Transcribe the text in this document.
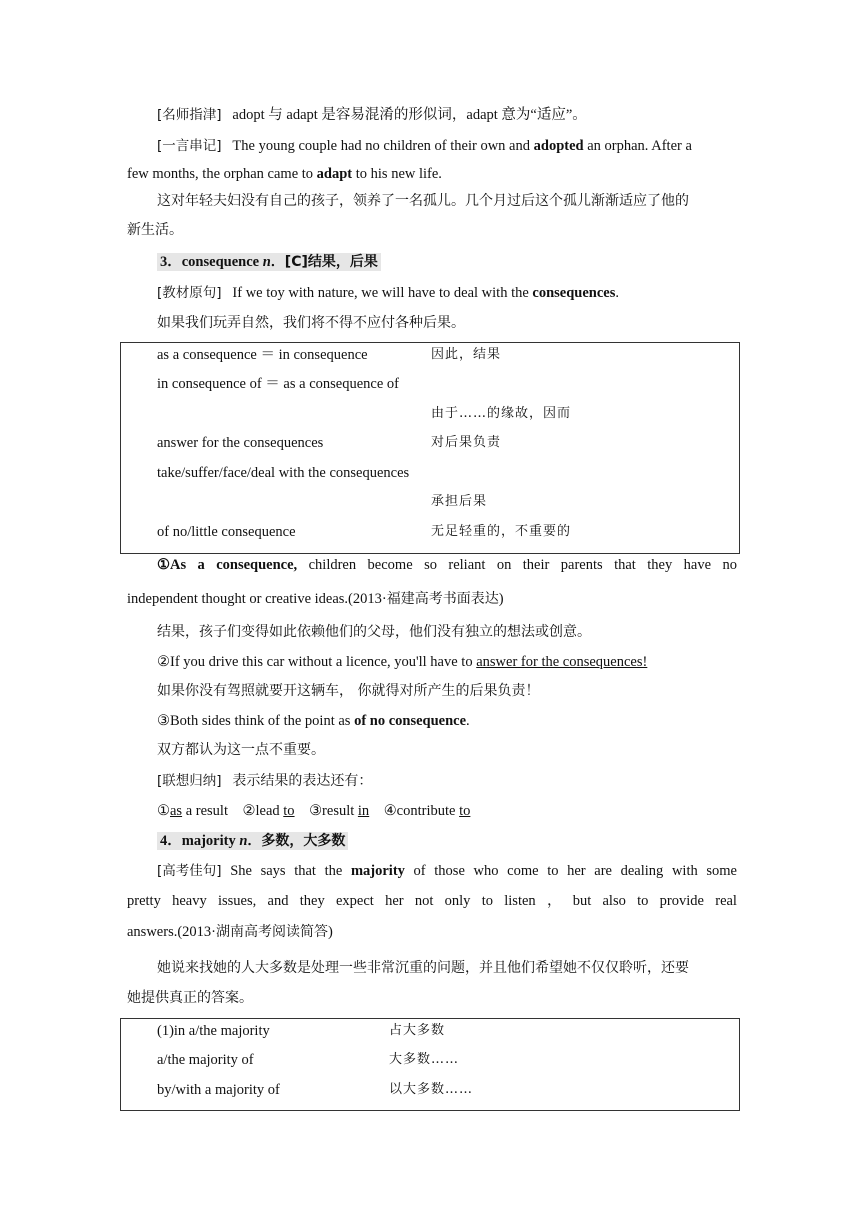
[名师指津] adopt 与 adapt 是容易混淆的形似词，adapt 意为“适应”。
[一言串记] The young couple had no children of their own and adopted an orphan. After a
few months, the orphan came to adapt to his new life.
这对年轻夫妇没有自己的孩子，领养了一名孤儿。几个月过后这个孤儿渐渐适应了他的
新生活。
3．consequence n．[C]结果，后果
[教材原句] If we toy with nature, we will have to deal with the consequences.
如果我们玩弄自然，我们将不得不应付各种后果。
as a consequence ＝ in consequence	因此，结果
in consequence of ＝ as a consequence of
由于……的缘故，因而
answer for the consequences	对后果负责
take/suffer/face/deal with the consequences
承担后果
of no/little consequence	无足轻重的，不重要的
①As a consequence, children become so reliant on their parents that they have no
independent thought or creative ideas.(2013·福建高考书面表达)
结果，孩子们变得如此依赖他们的父母，他们没有独立的想法或创意。
②If you drive this car without a licence, you'll have to answer for the consequences!
如果你没有驾照就要开这辆车， 你就得对所产生的后果负责！
③Both sides think of the point as of no consequence.
双方都认为这一点不重要。
[联想归纳] 表示结果的表达还有：
①as a result ②lead to ③result in ④contribute to
4．majority n．多数，大多数
[高考佳句] She says that the majority of those who come to her are dealing with some
pretty heavy issues, and they expect her not only to listen ， but also to provide real
answers.(2013·湖南高考阅读简答)
她说来找她的人大多数是处理一些非常沉重的问题，并且他们希望她不仅仅聆听，还要
她提供真正的答案。
(1)in a/the majority	占大多数
a/the majority of	大多数……
by/with a majority of	以大多数……
